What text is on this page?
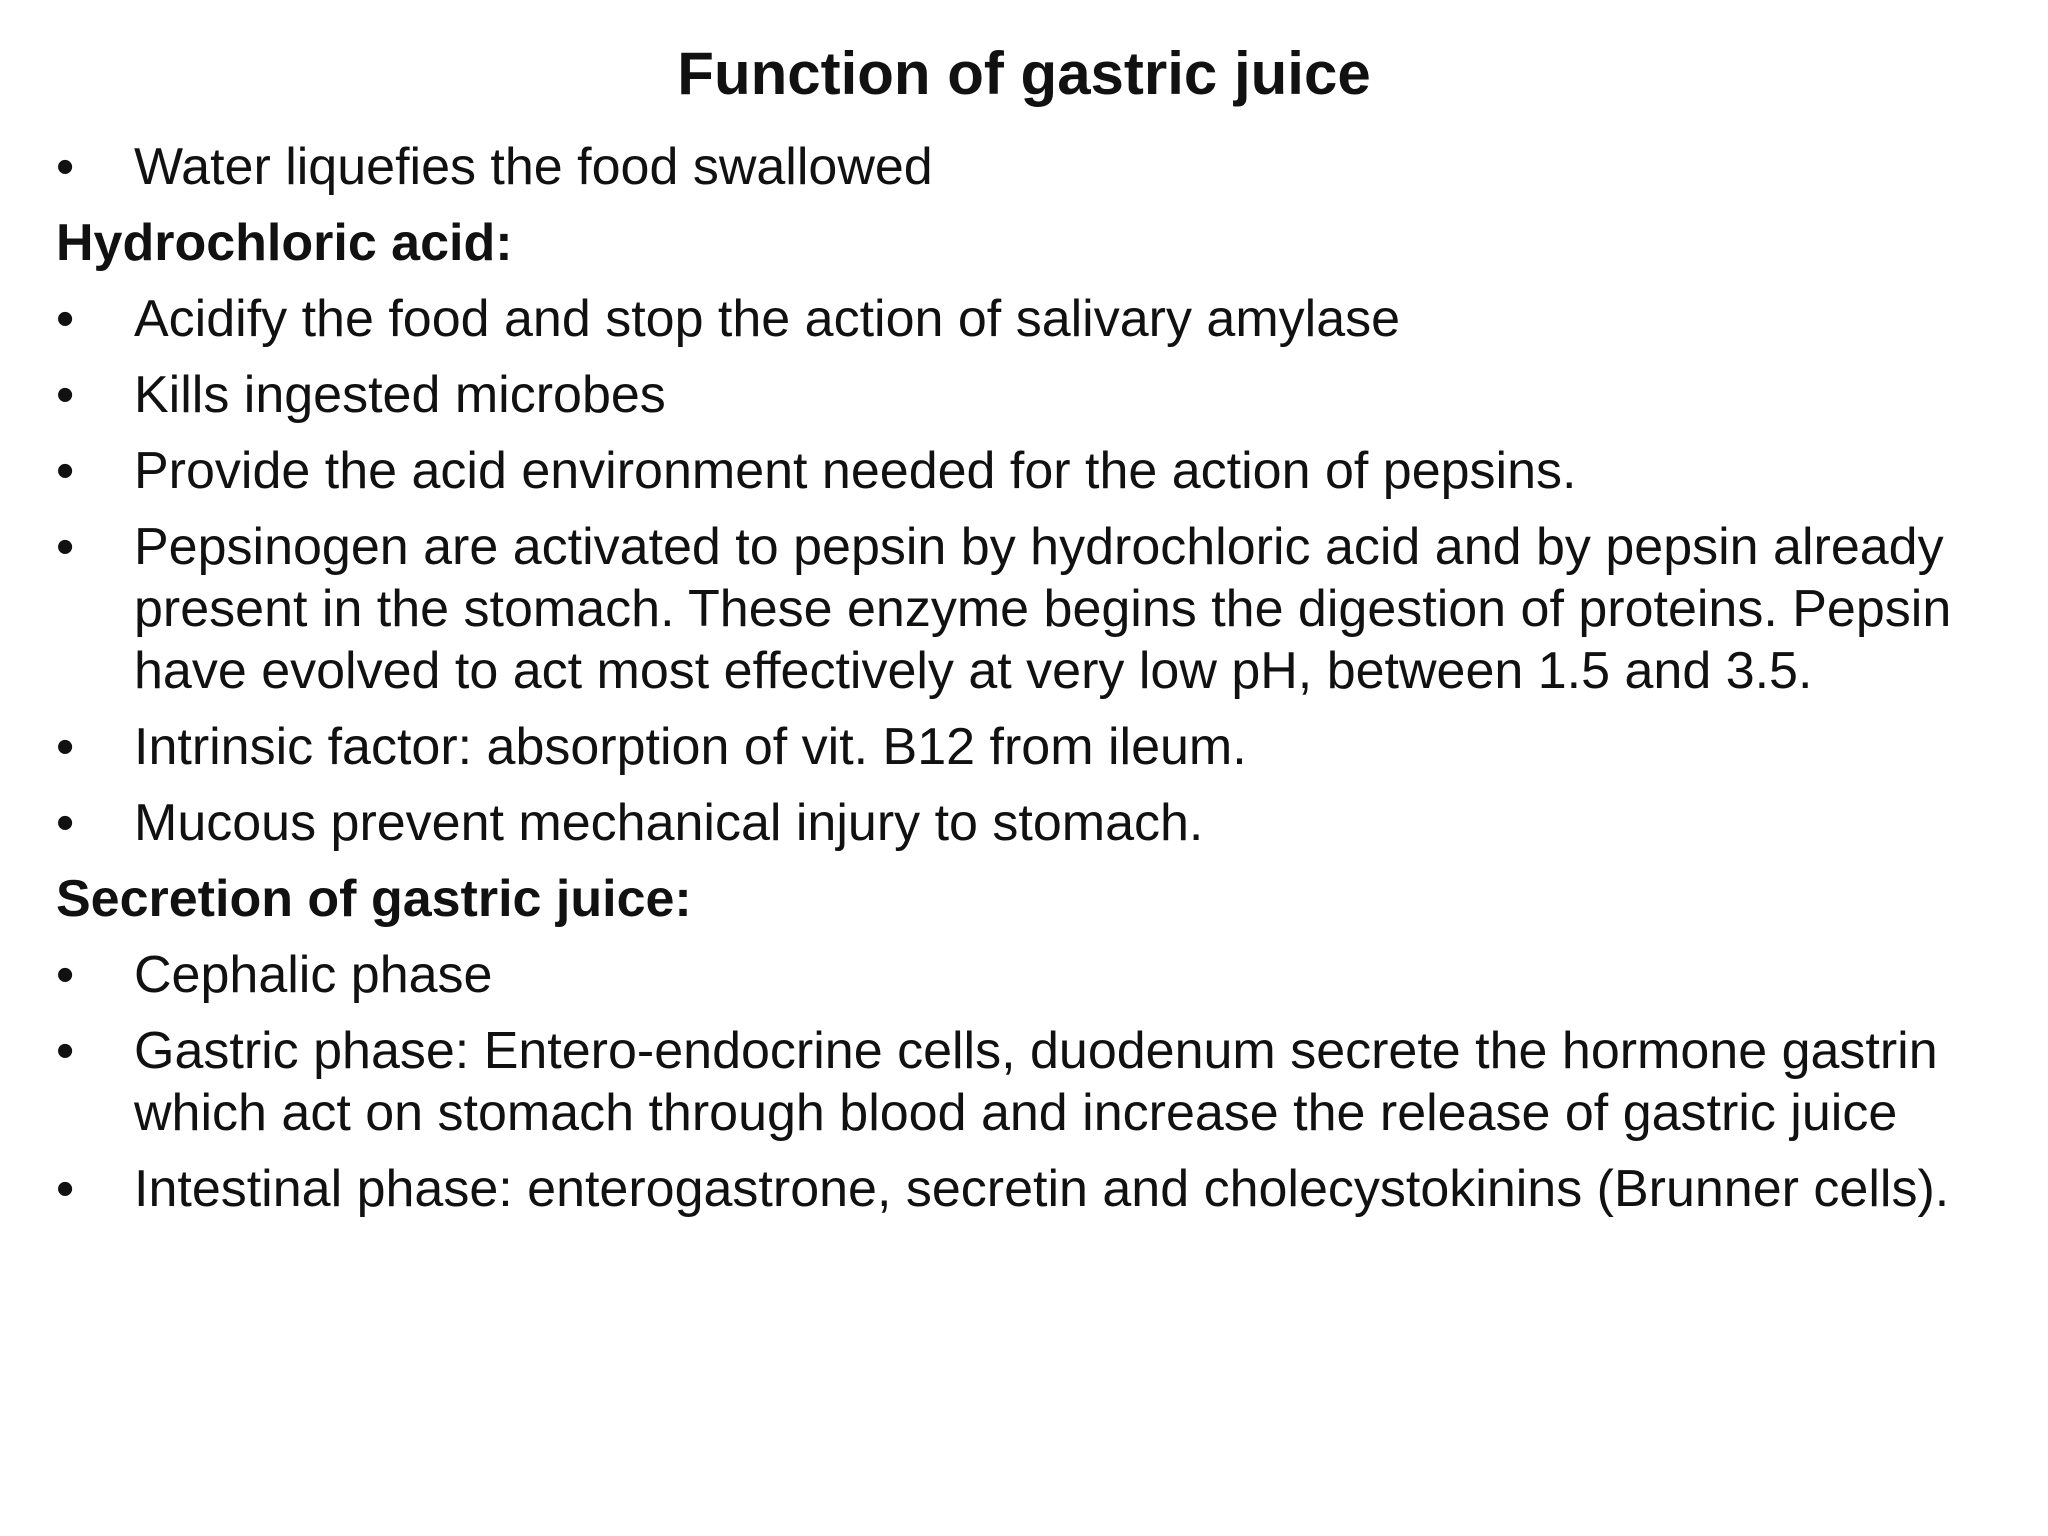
Function of gastric juice
•	Water liquefies the food swallowed
Hydrochloric acid:
•	Acidify the food and stop the action of salivary amylase
•	Kills ingested microbes
•	Provide the acid environment needed for the action of pepsins.
•	Pepsinogen are activated to pepsin by hydrochloric acid and by pepsin already present in the stomach. These enzyme begins the digestion of proteins. Pepsin have evolved to act most effectively at very low pH, between 1.5 and 3.5.
•	Intrinsic factor: absorption of vit. B12 from ileum.
•	Mucous prevent mechanical injury to stomach.
Secretion of gastric juice:
•	Cephalic phase
•	Gastric phase: Entero-endocrine cells, duodenum secrete the hormone gastrin which act on stomach through blood and increase the release of gastric juice
•	Intestinal phase: enterogastrone, secretin and cholecystokinins (Brunner cells).
